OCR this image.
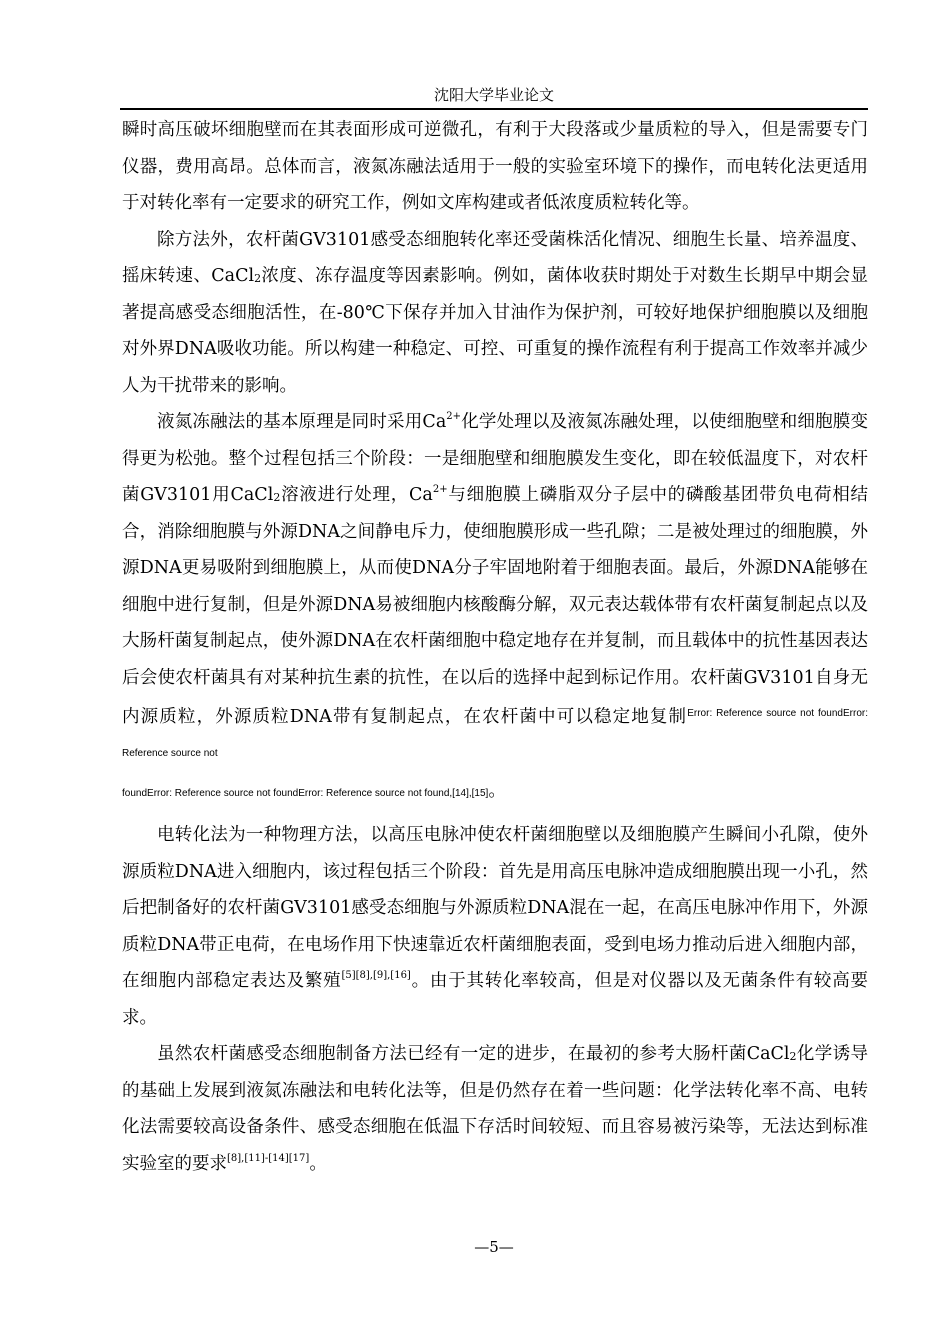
沈阳大学毕业论文

瞬时高压破坏细胞壁而在其表面形成可逆微孔，有利于大段落或少量质粒的导入，但是需要专门仪器，费用高昂。总体而言，液氮冻融法适用于一般的实验室环境下的操作，而电转化法更适用于对转化率有一定要求的研究工作，例如文库构建或者低浓度质粒转化等。

除方法外，农杆菌GV3101感受态细胞转化率还受菌株活化情况、细胞生长量、培养温度、摇床转速、CaCl2浓度、冻存温度等因素影响。例如，菌体收获时期处于对数生长期早中期会显著提高感受态细胞活性，在-80℃下保存并加入甘油作为保护剂，可较好地保护细胞膜以及细胞对外界DNA吸收功能。所以构建一种稳定、可控、可重复的操作流程有利于提高工作效率并减少人为干扰带来的影响。

液氮冻融法的基本原理是同时采用$Ca^{2+}$化学处理以及液氮冻融处理，以使细胞壁和细胞膜变得更为松弛。整个过程包括三个阶段：一是细胞壁和细胞膜发生变化，即在较低温度下，对农杆菌GV3101用CaCl2溶液进行处理，$Ca^{2+}$与细胞膜上磷脂双分子层中的磷酸基团带负电荷相结合，消除细胞膜与外源DNA之间静电斥力，使细胞膜形成一些孔隙；二是被处理过的细胞膜，外源DNA更易吸附到细胞膜上，从而使DNA分子牢固地附着于细胞表面。最后，外源DNA能够在细胞中进行复制，但是外源DNA易被细胞内核酸酶分解，双元表达载体带有农杆菌复制起点以及大肠杆菌复制起点，使外源DNA在农杆菌细胞中稳定地存在并复制，而且载体中的抗性基因表达后会使农杆菌具有对某种抗生素的抗性，在以后的选择中起到标记作用。农杆菌GV3101自身无内源质粒，外源质粒DNA带有复制起点，在农杆菌中可以稳定地复制$^{Error: Reference source not foundError: Reference source not}$

foundError: Reference source not foundError: Reference source not found,[14],[15]。

电转化法为一种物理方法，以高压电脉冲使农杆菌细胞壁以及细胞膜产生瞬间小孔隙，使外源质粒DNA进入细胞内，该过程包括三个阶段：首先是用高压电脉冲造成细胞膜出现一小孔，然后把制备好的农杆菌GV3101感受态细胞与外源质粒DNA混在一起，在高压电脉冲作用下，外源质粒DNA带正电荷，在电场作用下快速靠近农杆菌细胞表面，受到电场力推动后进入细胞内部，在细胞内部稳定表达及繁殖[5][8],[9],[16]。由于其转化率较高，但是对仪器以及无菌条件有较高要求。

虽然农杆菌感受态细胞制备方法已经有一定的进步，在最初的参考大肠杆菌CaCl2化学诱导的基础上发展到液氮冻融法和电转化法等，但是仍然存在着一些问题：化学法转化率不高、电转化法需要较高设备条件、感受态细胞在低温下存活时间较短、而且容易被污染等，无法达到标准实验室的要求[8],[11]-[14][17]。

—5—
